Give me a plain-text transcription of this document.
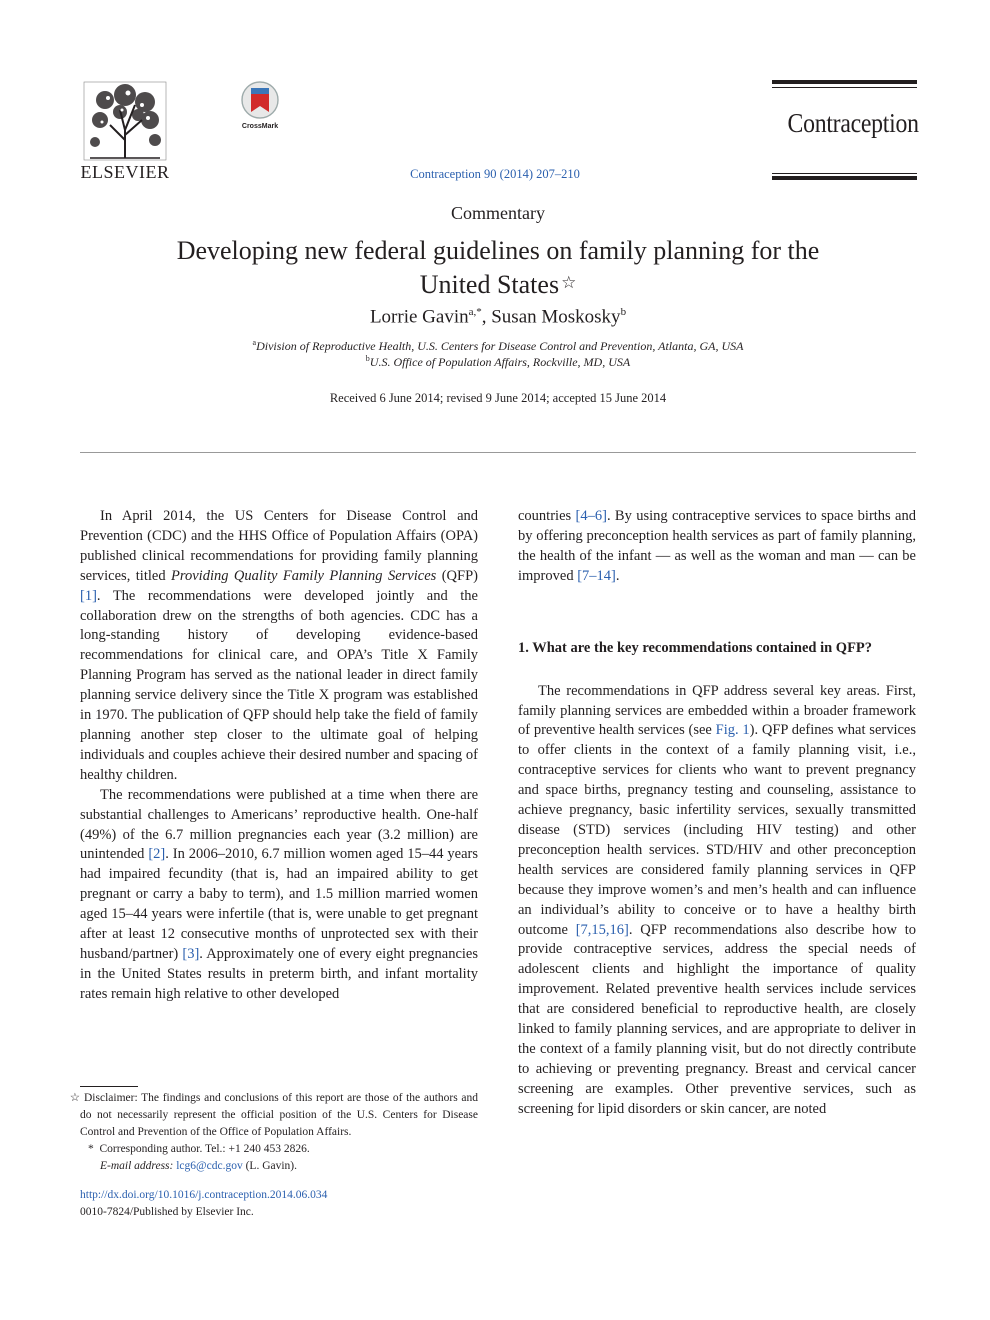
ELSEVIER
CrossMark
Contraception 90 (2014) 207–210
Contraception
Commentary
Developing new federal guidelines on family planning for the United States ☆
Lorrie Gavin$^{a,*}$, Susan Moskosky$^b$
$^a$Division of Reproductive Health, U.S. Centers for Disease Control and Prevention, Atlanta, GA, USA
$^b$U.S. Office of Population Affairs, Rockville, MD, USA
Received 6 June 2014; revised 9 June 2014; accepted 15 June 2014

In April 2014, the US Centers for Disease Control and Prevention (CDC) and the HHS Office of Population Affairs (OPA) published clinical recommendations for providing family planning services, titled Providing Quality Family Planning Services (QFP) [1]. The recommendations were developed jointly and the collaboration drew on the strengths of both agencies. CDC has a long-standing history of developing evidence-based recommendations for clinical care, and OPA’s Title X Family Planning Program has served as the national leader in direct family planning service delivery since the Title X program was established in 1970. The publication of QFP should help take the field of family planning another step closer to the ultimate goal of helping individuals and couples achieve their desired number and spacing of healthy children.

The recommendations were published at a time when there are substantial challenges to Americans’ reproductive health. One-half (49%) of the 6.7 million pregnancies each year (3.2 million) are unintended [2]. In 2006–2010, 6.7 million women aged 15–44 years had impaired fecundity (that is, had an impaired ability to get pregnant or carry a baby to term), and 1.5 million married women aged 15–44 years were infertile (that is, were unable to get pregnant after at least 12 consecutive months of unprotected sex with their husband/partner) [3]. Approximately one of every eight pregnancies in the United States results in preterm birth, and infant mortality rates remain high relative to other developed

countries [4–6]. By using contraceptive services to space births and by offering preconception health services as part of family planning, the health of the infant — as well as the woman and man — can be improved [7–14].

1. What are the key recommendations contained in QFP?

The recommendations in QFP address several key areas. First, family planning services are embedded within a broader framework of preventive health services (see Fig. 1). QFP defines what services to offer clients in the context of a family planning visit, i.e., contraceptive services for clients who want to prevent pregnancy and space births, pregnancy testing and counseling, assistance to achieve pregnancy, basic infertility services, sexually transmitted disease (STD) services (including HIV testing) and other preconception health services. STD/HIV and other preconception health services are considered family planning services in QFP because they improve women’s and men’s health and can influence an individual’s ability to conceive or to have a healthy birth outcome [7,15,16]. QFP recommendations also describe how to provide contraceptive services, address the special needs of adolescent clients and highlight the importance of quality improvement. Related preventive health services include services that are considered beneficial to reproductive health, are closely linked to family planning services, and are appropriate to deliver in the context of a family planning visit, but do not directly contribute to achieving or preventing pregnancy. Breast and cervical cancer screening are examples. Other preventive services, such as screening for lipid disorders or skin cancer, are noted

☆ Disclaimer: The findings and conclusions of this report are those of the authors and do not necessarily represent the official position of the U.S. Centers for Disease Control and Prevention of the Office of Population Affairs.

* Corresponding author. Tel.: +1 240 453 2826.

E-mail address: lcg6@cdc.gov (L. Gavin).

http://dx.doi.org/10.1016/j.contraception.2014.06.034
0010-7824/Published by Elsevier Inc.
